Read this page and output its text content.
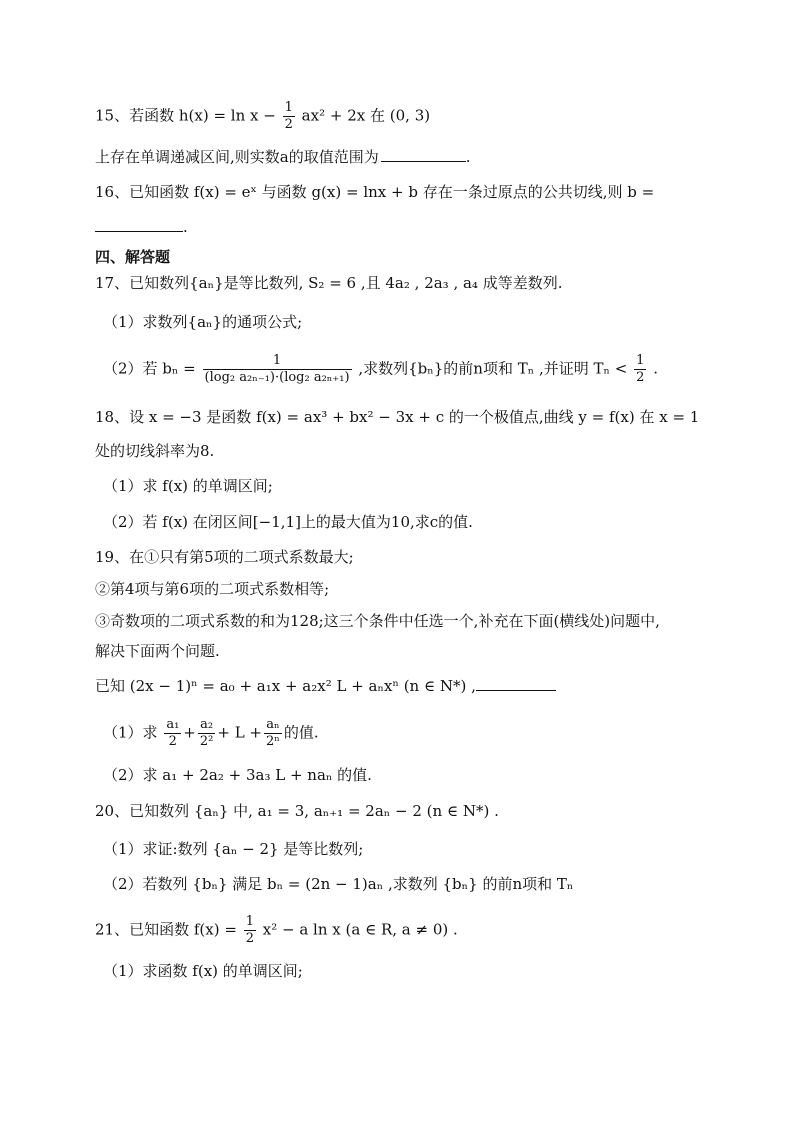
15、若函数 $h(x) = \ln x - \frac{1}{2} ax^2 + 2x$ 在 (0, 3)
上存在单调递减区间,则实数a的取值范围为	.
16、已知函数 f(x) = eˣ 与函数 g(x) = lnx + b 存在一条过原点的公共切线,则 b =
.
四、解答题
17、已知数列{aₙ}是等比数列, S₂ = 6 ,且 4a₂ , 2a₃ , a₄ 成等差数列.
（1）求数列{aₙ}的通项公式;
（2）若 $b_n = \frac{1}{\text{(log₂ a₂ₙ₋₁)·(log₂ a₂ₙ₊₁)}}$ ,求数列{bₙ}的前n项和 Tₙ ,并证明 $T_n < \frac{1}{2}$ .
18、设 x = −3 是函数 f(x) = ax³ + bx² − 3x + c 的一个极值点,曲线 y = f(x) 在 x = 1
处的切线斜率为8.
（1）求 f(x) 的单调区间;
（2）若 f(x) 在闭区间[−1,1]上的最大值为10,求c的值.
19、在①只有第5项的二项式系数最大;
②第4项与第6项的二项式系数相等;
③奇数项的二项式系数的和为128;这三个条件中任选一个,补充在下面(横线处)问题中,
解决下面两个问题.
已知 (2x − 1)ⁿ = a₀ + a₁x + a₂x² L + aₙxⁿ (n ∈ N*) ,
（1）求 $\frac{\text{a₁}}{2} + \frac{\text{a₂}}{\text{2²}} + L + \frac{\text{aₙ}}{\text{2ⁿ}}$ 的值.
（2）求 a₁ + 2a₂ + 3a₃ L + naₙ 的值.
20、已知数列 {aₙ} 中, a₁ = 3, aₙ₊₁ = 2aₙ − 2 (n ∈ N*) .
（1）求证:数列 {aₙ − 2} 是等比数列;
（2）若数列 {bₙ} 满足 bₙ = (2n − 1)aₙ ,求数列 {bₙ} 的前n项和 Tₙ
21、已知函数 $f(x) = \frac{1}{2} x^2 - a$ ln x (a ∈ R, a ≠ 0) .
（1）求函数 f(x) 的单调区间;
